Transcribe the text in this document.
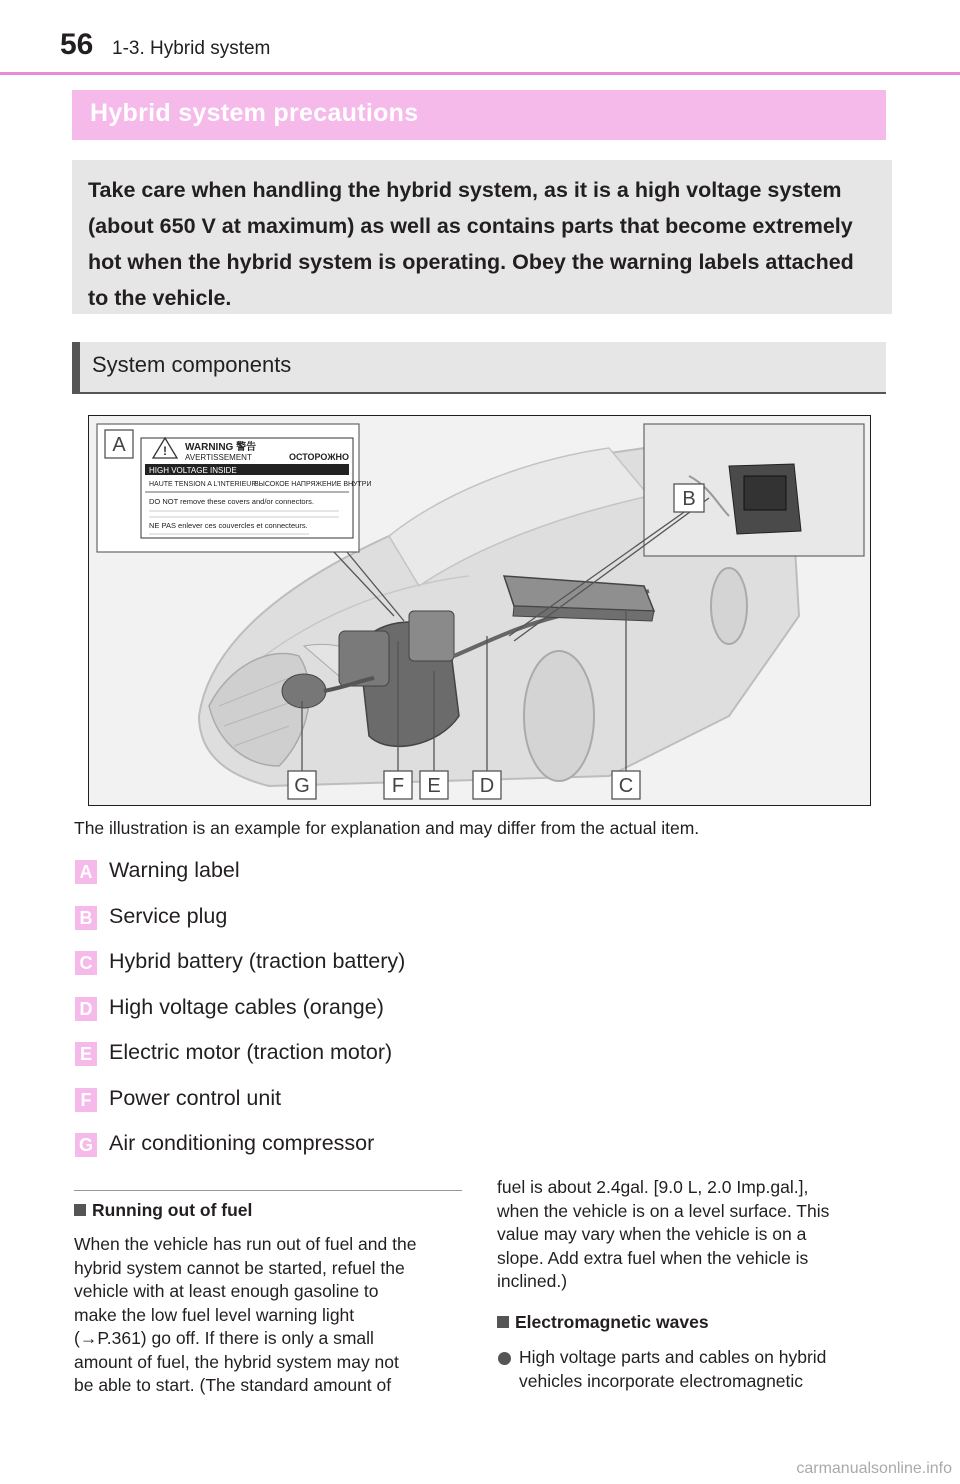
56 1-3. Hybrid system
Hybrid system precautions
Take care when handling the hybrid system, as it is a high voltage system (about 650 V at maximum) as well as contains parts that become extremely hot when the hybrid system is operating. Obey the warning labels attached to the vehicle.
System components
! WARNING 警告
AVERTISSEMENT	ОСТОРОЖНО
HIGH VOLTAGE INSIDE
HAUTE TENSION A L'INTERIEUR
ВЫСОКОЕ НАПРЯЖЕНИЕ ВНУТРИ
DO NOT remove these covers and/or connectors.
NE PAS enlever ces couvercles et connecteurs.
A
B
C
D
E
F
G
The illustration is an example for explanation and may differ from the actual item.
A Warning label
B Service plug
C Hybrid battery (traction battery)
D High voltage cables (orange)
E Electric motor (traction motor)
F Power control unit
G Air conditioning compressor
Running out of fuel
When the vehicle has run out of fuel and the
hybrid system cannot be started, refuel the
vehicle with at least enough gasoline to
make the low fuel level warning light
(→P.361) go off. If there is only a small
amount of fuel, the hybrid system may not
be able to start. (The standard amount of
fuel is about 2.4gal. [9.0 L, 2.0 Imp.gal.],
when the vehicle is on a level surface. This
value may vary when the vehicle is on a
slope. Add extra fuel when the vehicle is
inclined.)
Electromagnetic waves
High voltage parts and cables on hybrid
vehicles incorporate electromagnetic
carmanualsonline.info
